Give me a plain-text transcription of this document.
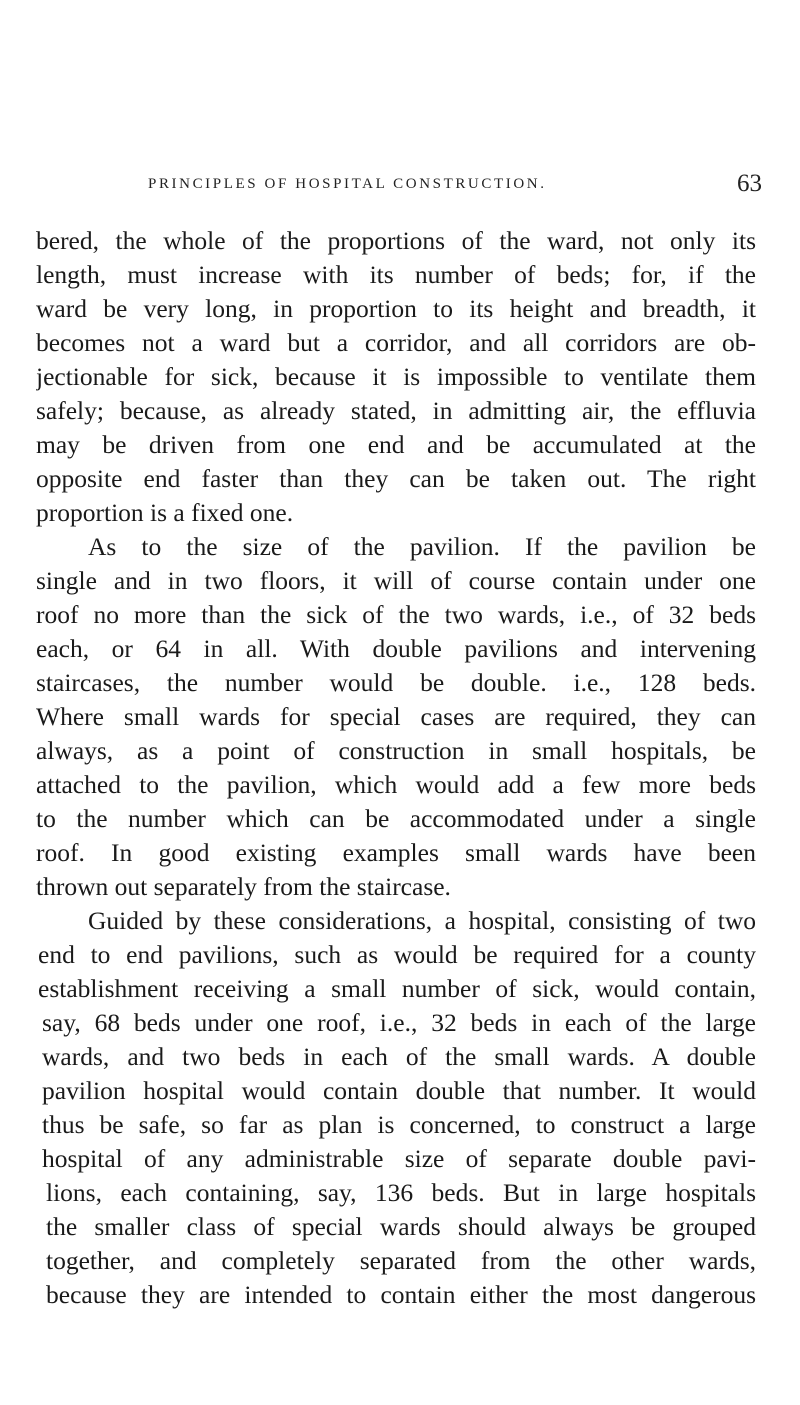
PRINCIPLES OF HOSPITAL CONSTRUCTION.	63
bered, the whole of the proportions of the ward, not only its
length, must increase with its number of beds; for, if the
ward be very long, in proportion to its height and breadth, it
becomes not a ward but a corridor, and all corridors are ob-
jectionable for sick, because it is impossible to ventilate them
safely; because, as already stated, in admitting air, the effluvia
may be driven from one end and be accumulated at the
opposite end faster than they can be taken out. The right
proportion is a fixed one.
As to the size of the pavilion. If the pavilion be
single and in two floors, it will of course contain under one
roof no more than the sick of the two wards, i.e., of 32 beds
each, or 64 in all. With double pavilions and intervening
staircases, the number would be double. i.e., 128 beds.
Where small wards for special cases are required, they can
always, as a point of construction in small hospitals, be
attached to the pavilion, which would add a few more beds
to the number which can be accommodated under a single
roof. In good existing examples small wards have been
thrown out separately from the staircase.
Guided by these considerations, a hospital, consisting of two
end to end pavilions, such as would be required for a county
establishment receiving a small number of sick, would contain,
say, 68 beds under one roof, i.e., 32 beds in each of the large
wards, and two beds in each of the small wards. A double
pavilion hospital would contain double that number. It would
thus be safe, so far as plan is concerned, to construct a large
hospital of any administrable size of separate double pavi-
lions, each containing, say, 136 beds. But in large hospitals
the smaller class of special wards should always be grouped
together, and completely separated from the other wards,
because they are intended to contain either the most dangerous
